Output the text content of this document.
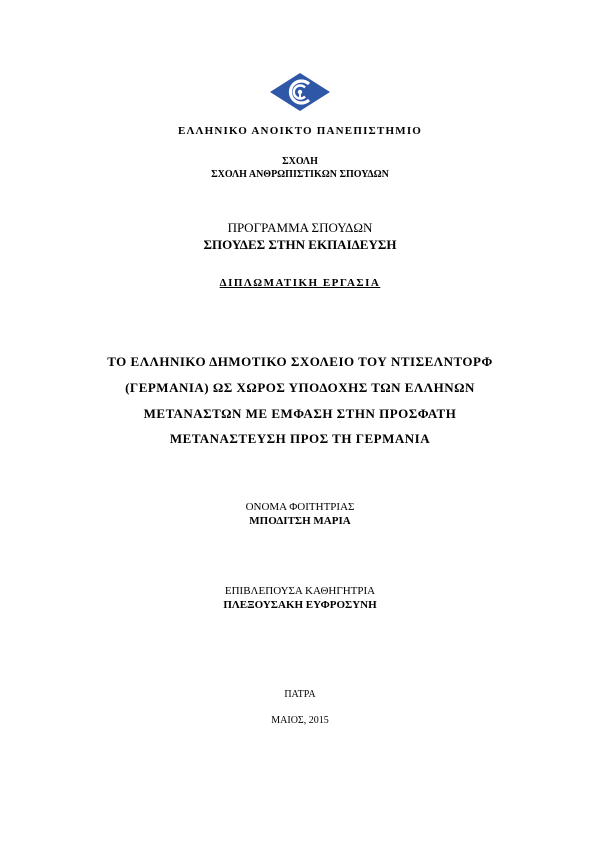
ΕΛΛΗΝΙΚΟ ΑΝΟΙΚΤΟ ΠΑΝΕΠΙΣΤΗΜΙΟ
ΣΧΟΛΗ
ΣΧΟΛΗ ΑΝΘΡΩΠΙΣΤΙΚΩΝ ΣΠΟΥΔΩΝ
ΠΡΟΓΡΑΜΜΑ ΣΠΟΥΔΩΝ
ΣΠΟΥΔΕΣ ΣΤΗΝ ΕΚΠΑΙΔΕΥΣΗ
ΔΙΠΛΩΜΑΤΙΚΗ ΕΡΓΑΣΙΑ
ΤΟ ΕΛΛΗΝΙΚΟ ΔΗΜΟΤΙΚΟ ΣΧΟΛΕΙΟ ΤΟΥ ΝΤΙΣΕΛΝΤΟΡΦ
(ΓΕΡΜΑΝΙΑ) ΩΣ ΧΩΡΟΣ ΥΠΟΔΟΧΗΣ ΤΩΝ ΕΛΛΗΝΩΝ
ΜΕΤΑΝΑΣΤΩΝ ΜΕ ΕΜΦΑΣΗ ΣΤΗΝ ΠΡΟΣΦΑΤΗ
ΜΕΤΑΝΑΣΤΕΥΣΗ ΠΡΟΣ ΤΗ ΓΕΡΜΑΝΙΑ
ΟΝΟΜΑ ΦΟΙΤΗΤΡΙΑΣ
ΜΠΟΔΙΤΣΗ ΜΑΡΙΑ
ΕΠΙΒΛΕΠΟΥΣΑ ΚΑΘΗΓΗΤΡΙΑ
ΠΛΕΞΟΥΣΑΚΗ ΕΥΦΡΟΣΥΝΗ
ΠΑΤΡΑ
ΜΑΙΟΣ, 2015
